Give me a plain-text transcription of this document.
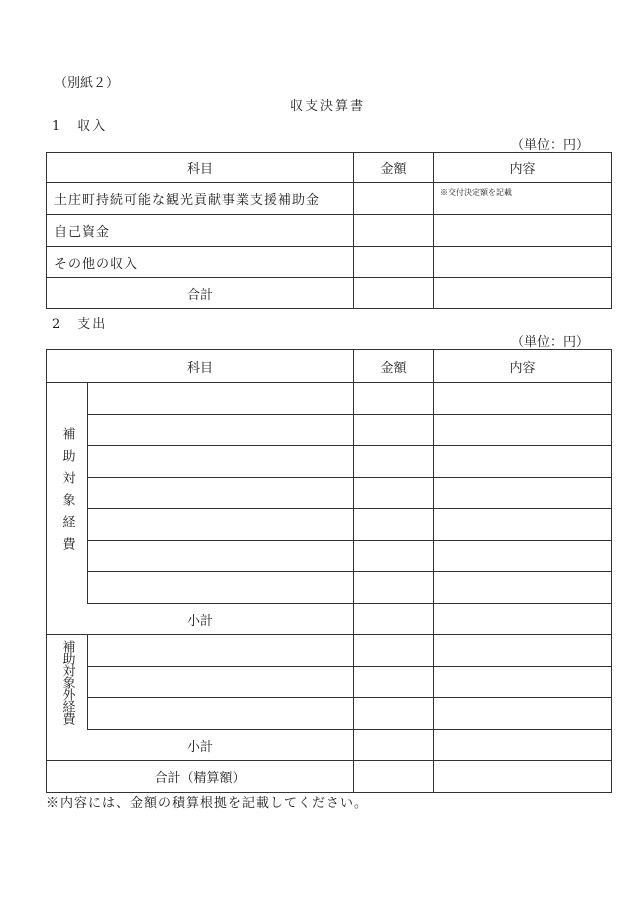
（別紙２）
収支決算書
1　収入
（単位：円）
科目	金額	内容
土庄町持続可能な観光貢献事業支援補助金		※交付決定額を記載
自己資金		
その他の収入		
合計		
2　支出
（単位：円）
科目		金額	内容

補助対象経費			

小計			

補助対象外経費			

小計			
合計（精算額）			
※内容には、金額の積算根拠を記載してください。
